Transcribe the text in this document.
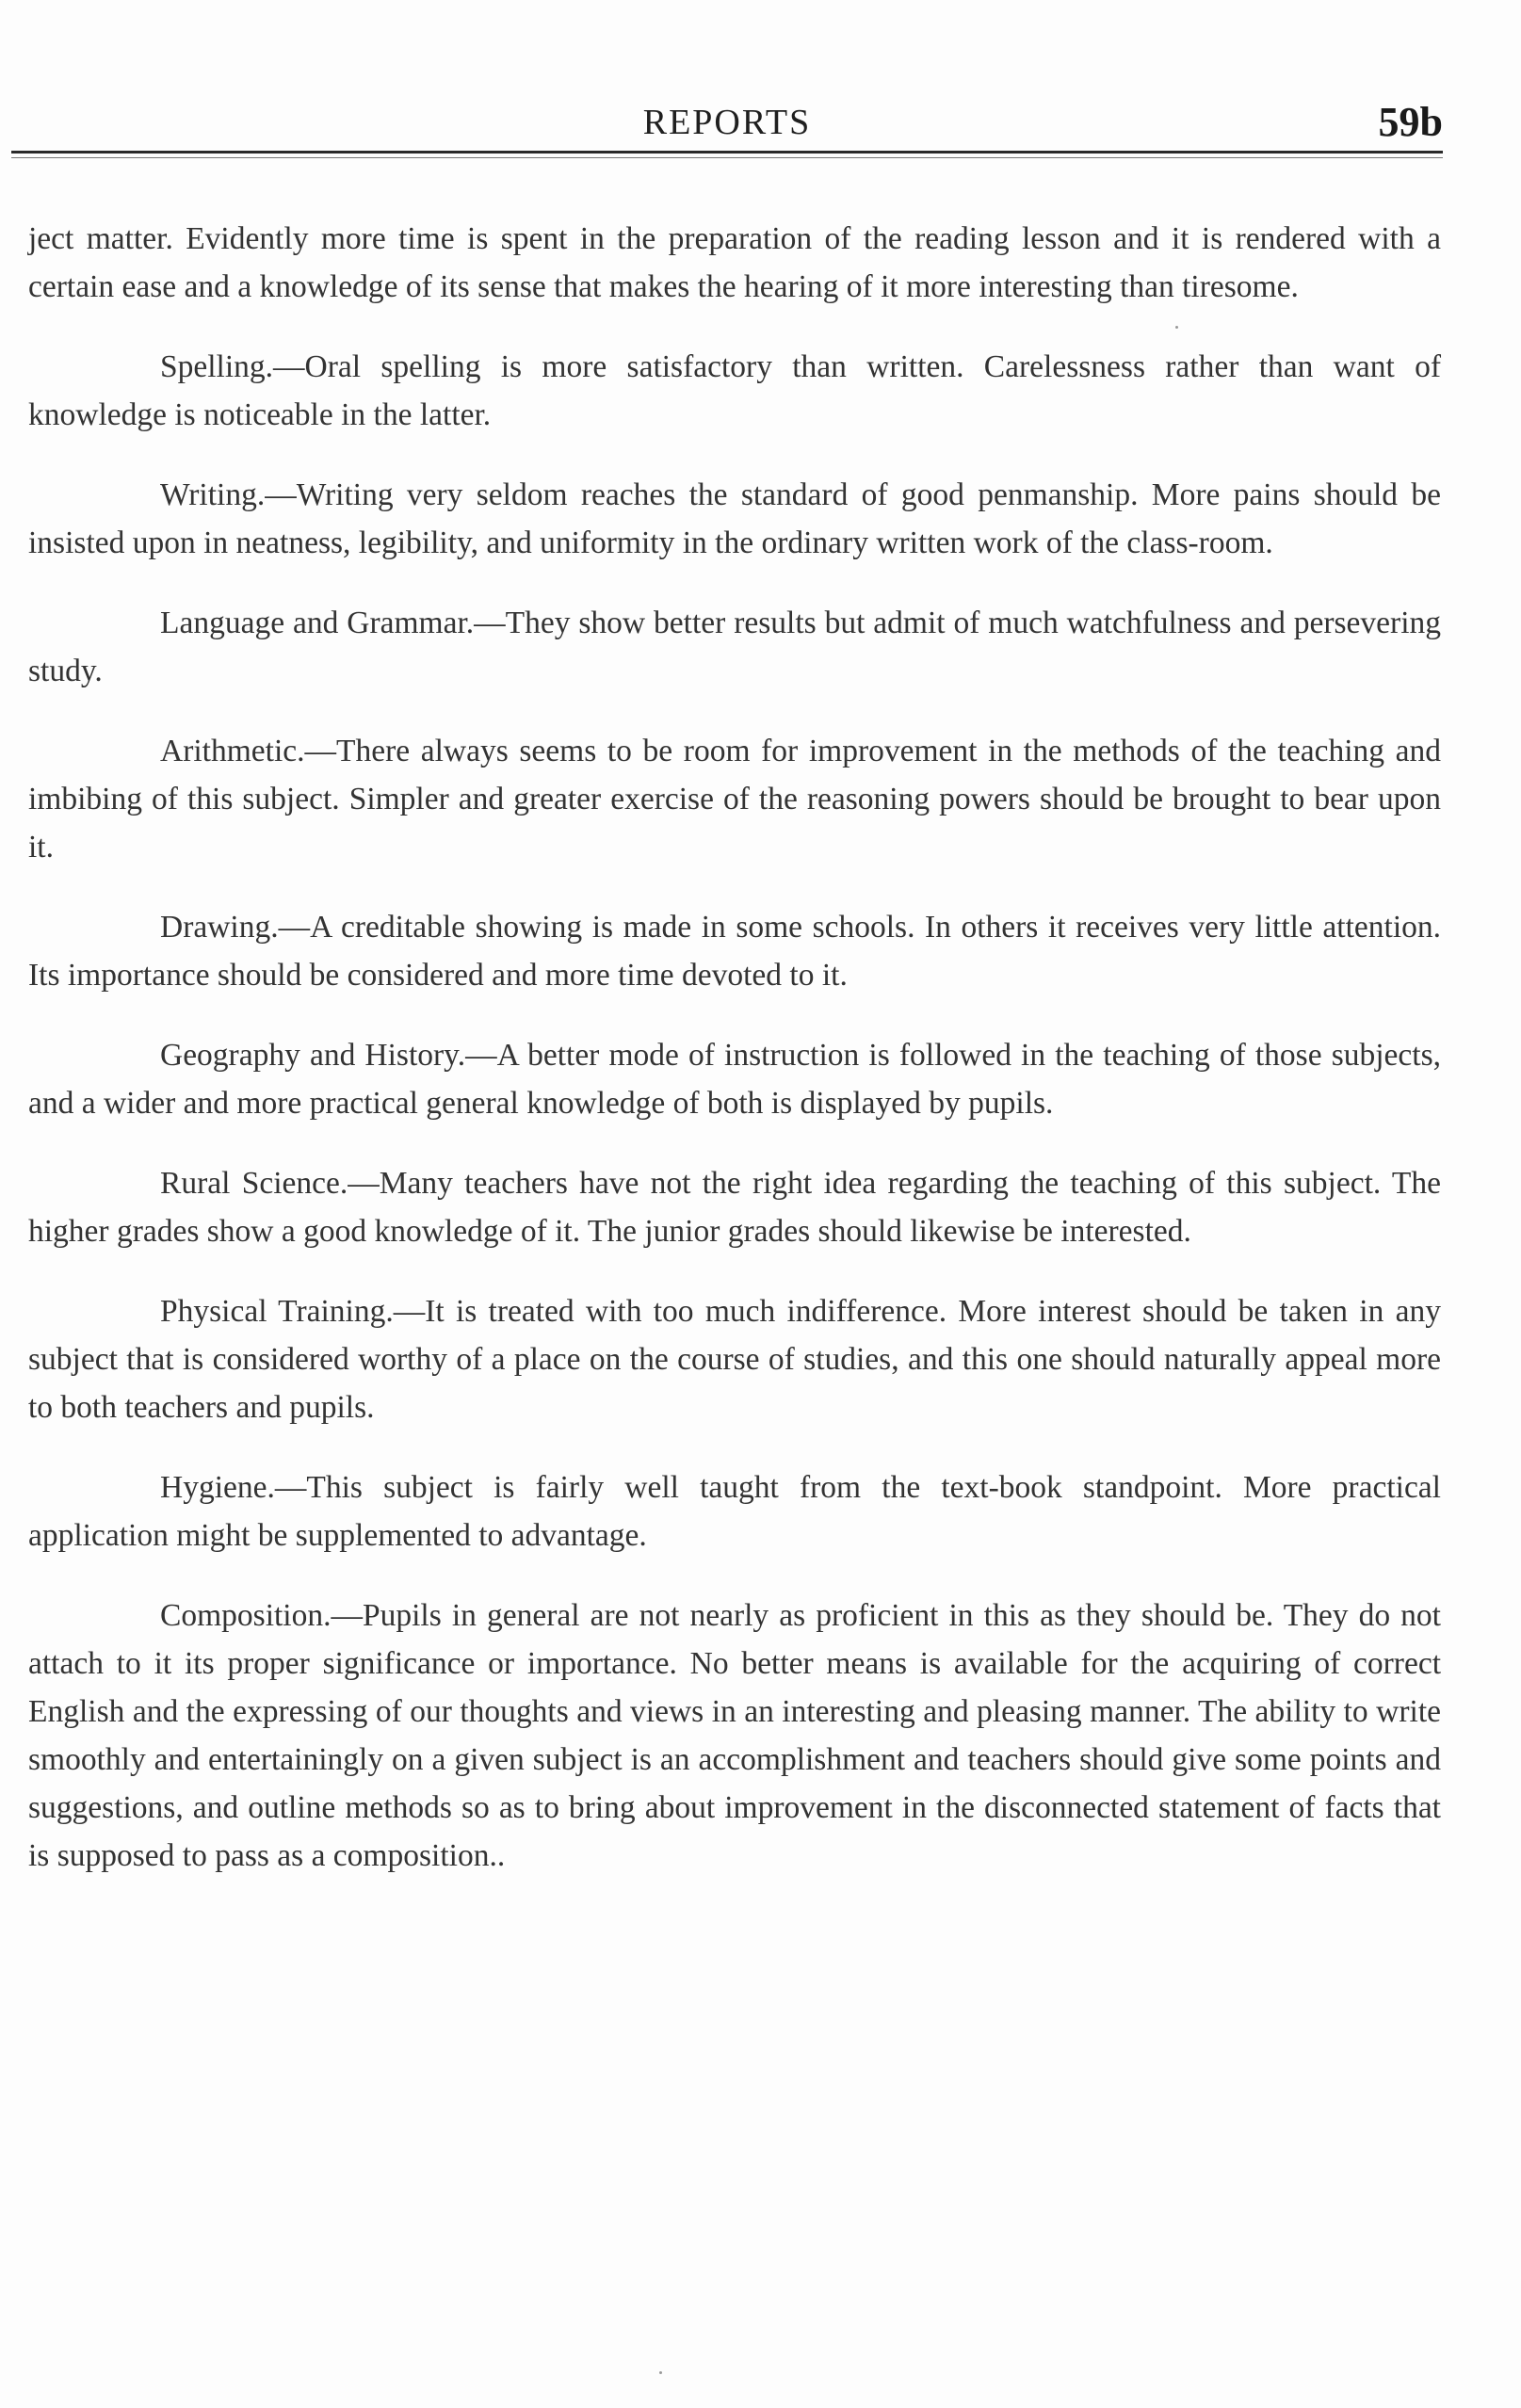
REPORTS	59b

ject matter. Evidently more time is spent in the preparation of the reading lesson and it is rendered with a certain ease and a knowledge of its sense that makes the hearing of it more interesting than tiresome.

Spelling.—Oral spelling is more satisfactory than written. Carelessness rather than want of knowledge is noticeable in the latter.

Writing.—Writing very seldom reaches the standard of good penmanship. More pains should be insisted upon in neatness, legibility, and uniformity in the ordinary written work of the class-room.

Language and Grammar.—They show better results but admit of much watchfulness and persevering study.

Arithmetic.—There always seems to be room for improvement in the methods of the teaching and imbibing of this subject. Simpler and greater exercise of the reasoning powers should be brought to bear upon it.

Drawing.—A creditable showing is made in some schools. In others it receives very little attention. Its importance should be considered and more time devoted to it.

Geography and History.—A better mode of instruction is followed in the teaching of those subjects, and a wider and more practical general knowledge of both is displayed by pupils.

Rural Science.—Many teachers have not the right idea regarding the teaching of this subject. The higher grades show a good knowledge of it. The junior grades should likewise be interested.

Physical Training.—It is treated with too much indifference. More interest should be taken in any subject that is considered worthy of a place on the course of studies, and this one should naturally appeal more to both teachers and pupils.

Hygiene.—This subject is fairly well taught from the text-book standpoint. More practical application might be supplemented to advantage.

Composition.—Pupils in general are not nearly as proficient in this as they should be. They do not attach to it its proper significance or importance. No better means is available for the acquiring of correct English and the expressing of our thoughts and views in an interesting and pleasing manner. The ability to write smoothly and entertainingly on a given subject is an accomplishment and teachers should give some points and suggestions, and outline methods so as to bring about improvement in the disconnected statement of facts that is supposed to pass as a composition..
